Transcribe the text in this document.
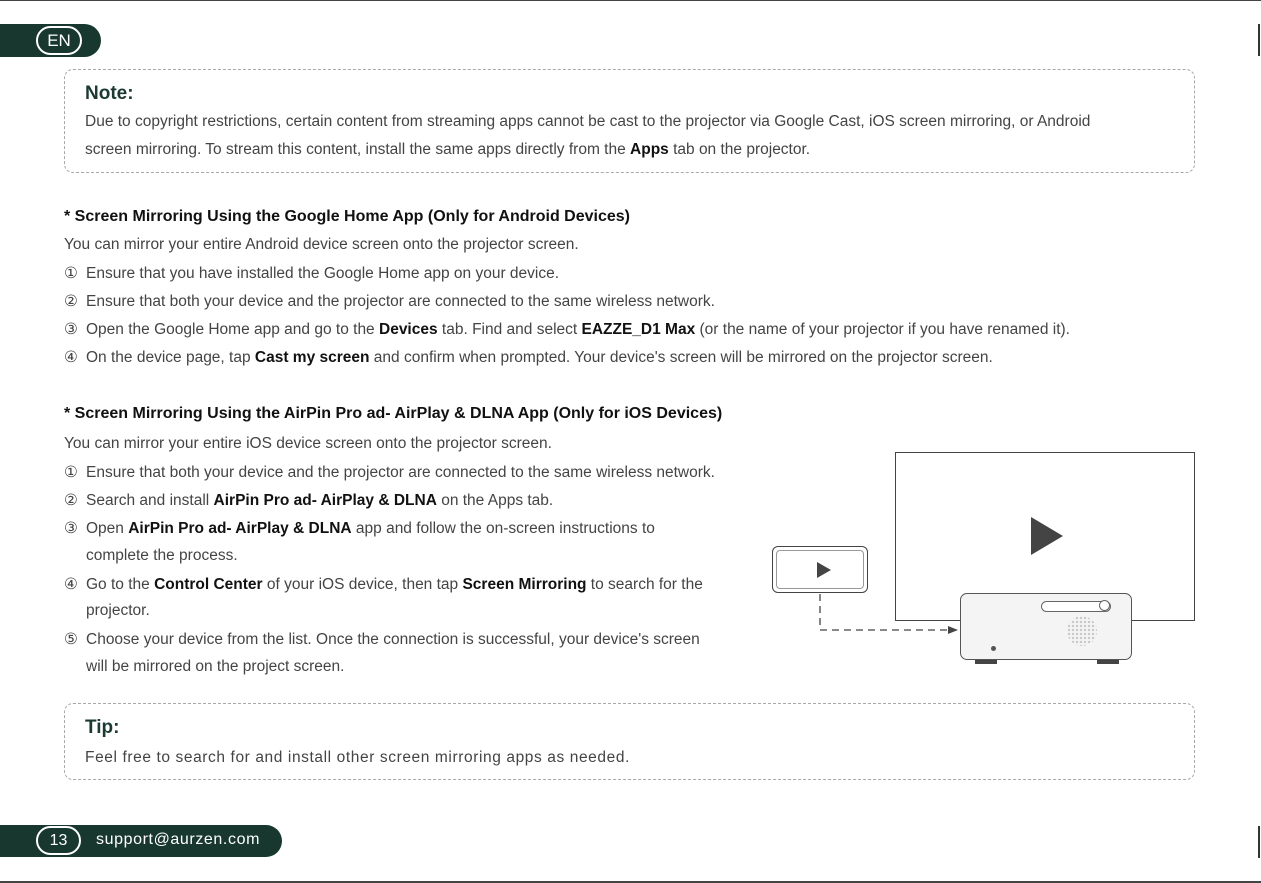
EN
Note:
Due to copyright restrictions, certain content from streaming apps cannot be cast to the projector via Google Cast, iOS screen mirroring, or Android
screen mirroring. To stream this content, install the same apps directly from the Apps tab on the projector.
* Screen Mirroring Using the Google Home App (Only for Android Devices)
You can mirror your entire Android device screen onto the projector screen.
① Ensure that you have installed the Google Home app on your device.
② Ensure that both your device and the projector are connected to the same wireless network.
③ Open the Google Home app and go to the Devices tab. Find and select EAZZE_D1 Max (or the name of your projector if you have renamed it).
④ On the device page, tap Cast my screen and confirm when prompted. Your device's screen will be mirrored on the projector screen.
* Screen Mirroring Using the AirPin Pro ad- AirPlay & DLNA App (Only for iOS Devices)
You can mirror your entire iOS device screen onto the projector screen.
① Ensure that both your device and the projector are connected to the same wireless network.
② Search and install AirPin Pro ad- AirPlay & DLNA on the Apps tab.
③ Open AirPin Pro ad- AirPlay & DLNA app and follow the on-screen instructions to
complete the process.
④ Go to the Control Center of your iOS device, then tap Screen Mirroring to search for the
projector.
⑤ Choose your device from the list. Once the connection is successful, your device's screen
will be mirrored on the project screen.
Tip:
Feel free to search for and install other screen mirroring apps as needed.
13	support@aurzen.com
